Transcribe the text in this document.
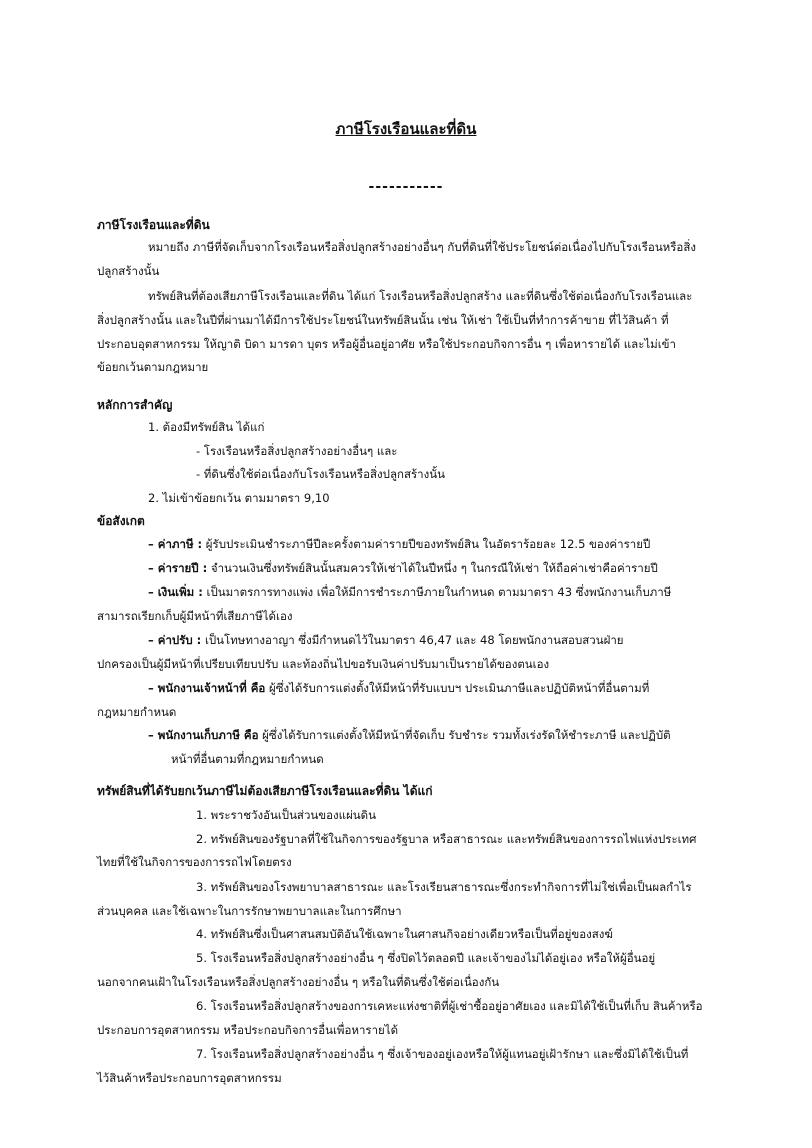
ภาษีโรงเรือนและที่ดิน
-----------
ภาษีโรงเรือนและที่ดิน
หมายถึง ภาษีที่จัดเก็บจากโรงเรือนหรือสิ่งปลูกสร้างอย่างอื่นๆ กับที่ดินที่ใช้ประโยชน์ต่อเนื่องไปกับโรงเรือนหรือสิ่ง
ปลูกสร้างนั้น
ทรัพย์สินที่ต้องเสียภาษีโรงเรือนและที่ดิน ได้แก่ โรงเรือนหรือสิ่งปลูกสร้าง และที่ดินซึ่งใช้ต่อเนื่องกับโรงเรือนและ
สิ่งปลูกสร้างนั้น และในปีที่ผ่านมาได้มีการใช้ประโยชน์ในทรัพย์สินนั้น เช่น ให้เช่า ใช้เป็นที่ทำการค้าขาย ที่ไว้สินค้า ที่
ประกอบอุตสาหกรรม ให้ญาติ บิดา มารดา บุตร หรือผู้อื่นอยู่อาศัย หรือใช้ประกอบกิจการอื่น ๆ เพื่อหารายได้ และไม่เข้า
ข้อยกเว้นตามกฎหมาย
หลักการสำคัญ
1. ต้องมีทรัพย์สิน ได้แก่
- โรงเรือนหรือสิ่งปลูกสร้างอย่างอื่นๆ และ
- ที่ดินซึ่งใช้ต่อเนื่องกับโรงเรือนหรือสิ่งปลูกสร้างนั้น
2. ไม่เข้าข้อยกเว้น ตามมาตรา 9,10
ข้อสังเกต
– ค่าภาษี : ผู้รับประเมินชำระภาษีปีละครั้งตามค่ารายปีของทรัพย์สิน ในอัตราร้อยละ 12.5 ของค่ารายปี
– ค่ารายปี : จำนวนเงินซึ่งทรัพย์สินนั้นสมควรให้เช่าได้ในปีหนึ่ง ๆ ในกรณีให้เช่า ให้ถือค่าเช่าคือค่ารายปี
– เงินเพิ่ม : เป็นมาตรการทางแพ่ง เพื่อให้มีการชำระภาษีภายในกำหนด ตามมาตรา 43 ซึ่งพนักงานเก็บภาษี
สามารถเรียกเก็บผู้มีหน้าที่เสียภาษีได้เอง
– ค่าปรับ : เป็นโทษทางอาญา ซึ่งมีกำหนดไว้ในมาตรา 46,47 และ 48 โดยพนักงานสอบสวนฝ่าย
ปกครองเป็นผู้มีหน้าที่เปรียบเทียบปรับ และท้องถิ่นไปขอรับเงินค่าปรับมาเป็นรายได้ของตนเอง
– พนักงานเจ้าหน้าที่ คือ ผู้ซึ่งได้รับการแต่งตั้งให้มีหน้าที่รับแบบฯ ประเมินภาษีและปฏิบัติหน้าที่อื่นตามที่
กฎหมายกำหนด
– พนักงานเก็บภาษี คือ ผู้ซึ่งได้รับการแต่งตั้งให้มีหน้าที่จัดเก็บ รับชำระ รวมทั้งเร่งรัดให้ชำระภาษี และปฏิบัติ
หน้าที่อื่นตามที่กฎหมายกำหนด
ทรัพย์สินที่ได้รับยกเว้นภาษีไม่ต้องเสียภาษีโรงเรือนและที่ดิน ได้แก่
1. พระราชวังอันเป็นส่วนของแผ่นดิน
2. ทรัพย์สินของรัฐบาลที่ใช้ในกิจการของรัฐบาล หรือสาธารณะ และทรัพย์สินของการรถไฟแห่งประเทศ
ไทยที่ใช้ในกิจการของการรถไฟโดยตรง
3. ทรัพย์สินของโรงพยาบาลสาธารณะ และโรงเรียนสาธารณะซึ่งกระทำกิจการที่ไม่ใช่เพื่อเป็นผลกำไร
ส่วนบุคคล และใช้เฉพาะในการรักษาพยาบาลและในการศึกษา
4. ทรัพย์สินซึ่งเป็นศาสนสมบัติอันใช้เฉพาะในศาสนกิจอย่างเดียวหรือเป็นที่อยู่ของสงฆ์
5. โรงเรือนหรือสิ่งปลูกสร้างอย่างอื่น ๆ ซึ่งปิดไว้ตลอดปี และเจ้าของไม่ได้อยู่เอง หรือให้ผู้อื่นอยู่
นอกจากคนเฝ้าในโรงเรือนหรือสิ่งปลูกสร้างอย่างอื่น ๆ หรือในที่ดินซึ่งใช้ต่อเนื่องกัน
6. โรงเรือนหรือสิ่งปลูกสร้างของการเคหะแห่งชาติที่ผู้เช่าซื้ออยู่อาศัยเอง และมิได้ใช้เป็นที่เก็บ สินค้าหรือ
ประกอบการอุตสาหกรรม หรือประกอบกิจการอื่นเพื่อหารายได้
7. โรงเรือนหรือสิ่งปลูกสร้างอย่างอื่น ๆ ซึ่งเจ้าของอยู่เองหรือให้ผู้แทนอยู่เฝ้ารักษา และซึ่งมิได้ใช้เป็นที่
ไว้สินค้าหรือประกอบการอุตสาหกรรม
